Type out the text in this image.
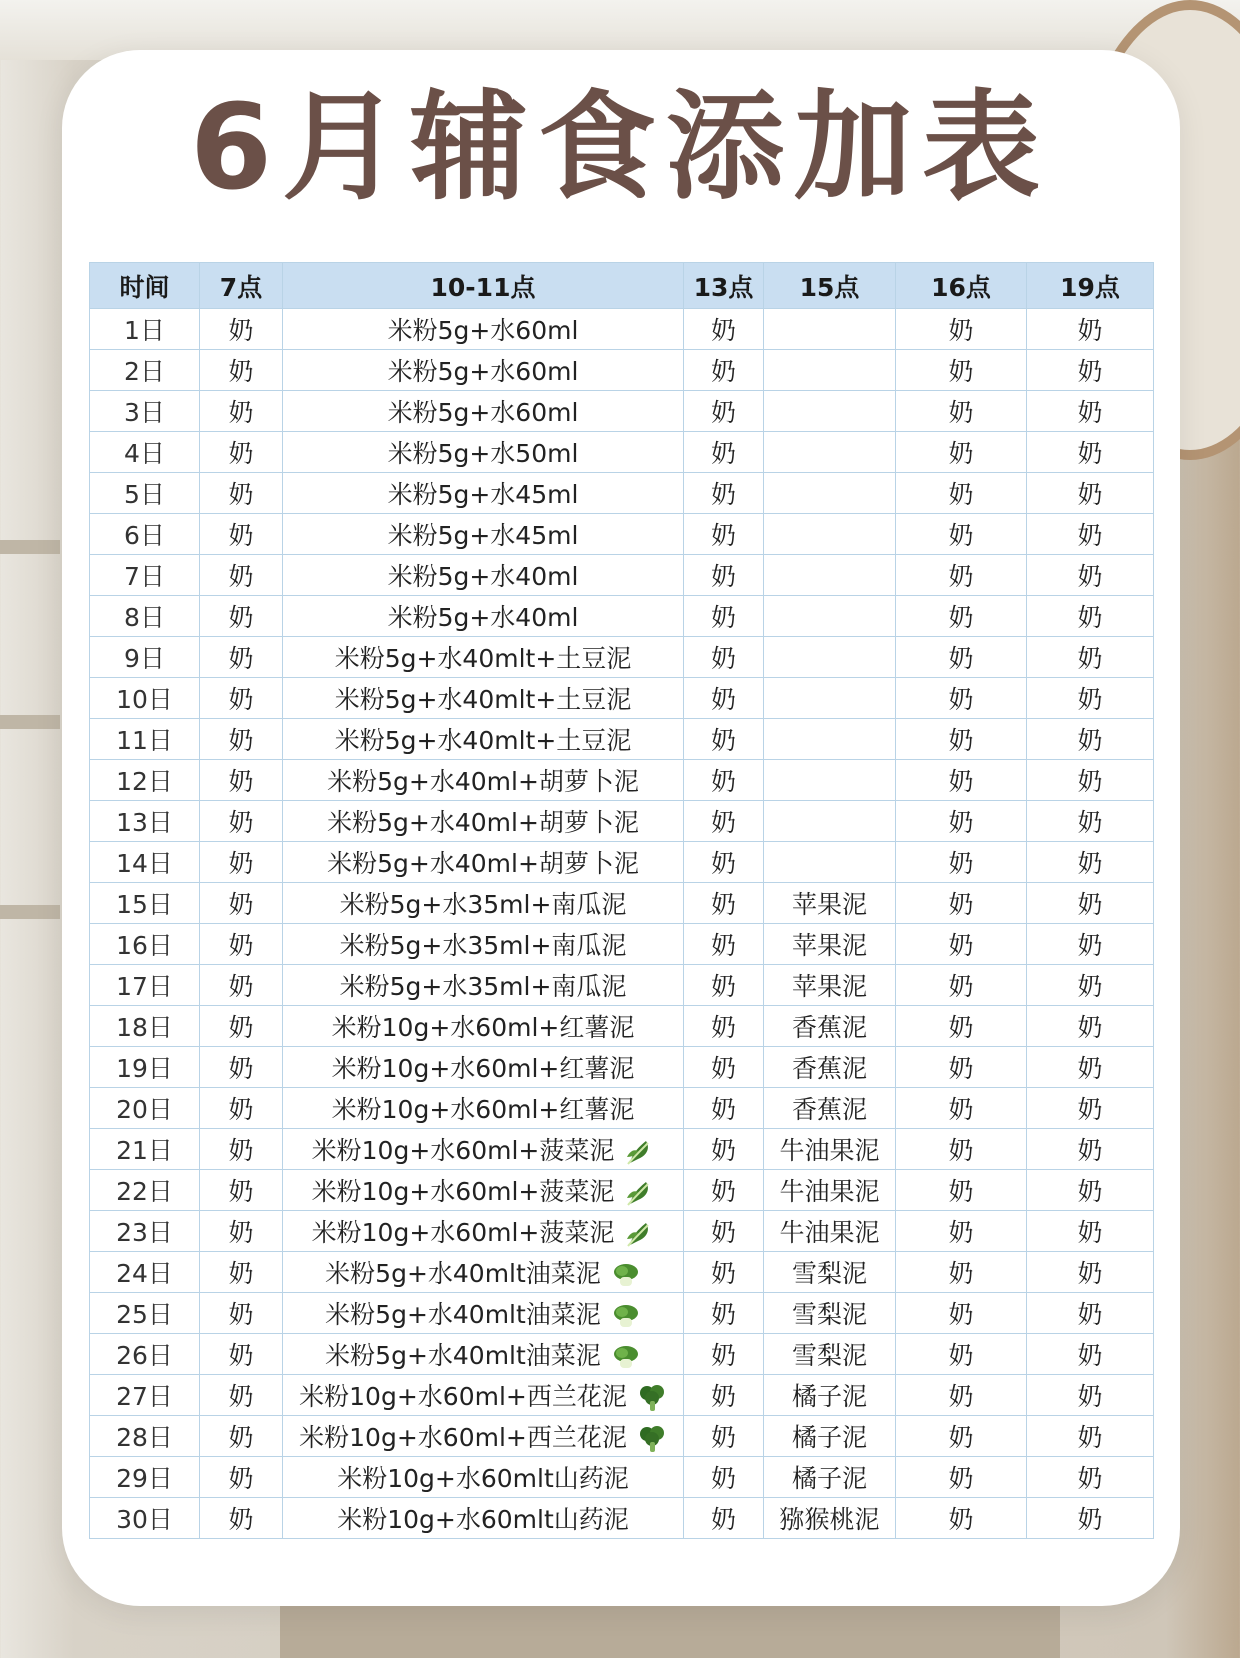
6月辅食添加表
时间	7点	10-11点	13点	15点	16点	19点
1日	奶	米粉5g+水60ml	奶		奶	奶
2日	奶	米粉5g+水60ml	奶		奶	奶
3日	奶	米粉5g+水60ml	奶		奶	奶
4日	奶	米粉5g+水50ml	奶		奶	奶
5日	奶	米粉5g+水45ml	奶		奶	奶
6日	奶	米粉5g+水45ml	奶		奶	奶
7日	奶	米粉5g+水40ml	奶		奶	奶
8日	奶	米粉5g+水40ml	奶		奶	奶
9日	奶	米粉5g+水40mlt+土豆泥	奶		奶	奶
10日	奶	米粉5g+水40mlt+土豆泥	奶		奶	奶
11日	奶	米粉5g+水40mlt+土豆泥	奶		奶	奶
12日	奶	米粉5g+水40ml+胡萝卜泥	奶		奶	奶
13日	奶	米粉5g+水40ml+胡萝卜泥	奶		奶	奶
14日	奶	米粉5g+水40ml+胡萝卜泥	奶		奶	奶
15日	奶	米粉5g+水35ml+南瓜泥	奶	苹果泥	奶	奶
16日	奶	米粉5g+水35ml+南瓜泥	奶	苹果泥	奶	奶
17日	奶	米粉5g+水35ml+南瓜泥	奶	苹果泥	奶	奶
18日	奶	米粉10g+水60ml+红薯泥	奶	香蕉泥	奶	奶
19日	奶	米粉10g+水60ml+红薯泥	奶	香蕉泥	奶	奶
20日	奶	米粉10g+水60ml+红薯泥	奶	香蕉泥	奶	奶
21日	奶	米粉10g+水60ml+菠菜泥	奶	牛油果泥	奶	奶
22日	奶	米粉10g+水60ml+菠菜泥	奶	牛油果泥	奶	奶
23日	奶	米粉10g+水60ml+菠菜泥	奶	牛油果泥	奶	奶
24日	奶	米粉5g+水40mlt油菜泥	奶	雪梨泥	奶	奶
25日	奶	米粉5g+水40mlt油菜泥	奶	雪梨泥	奶	奶
26日	奶	米粉5g+水40mlt油菜泥	奶	雪梨泥	奶	奶
27日	奶	米粉10g+水60ml+西兰花泥	奶	橘子泥	奶	奶
28日	奶	米粉10g+水60ml+西兰花泥	奶	橘子泥	奶	奶
29日	奶	米粉10g+水60mlt山药泥	奶	橘子泥	奶	奶
30日	奶	米粉10g+水60mlt山药泥	奶	猕猴桃泥	奶	奶
